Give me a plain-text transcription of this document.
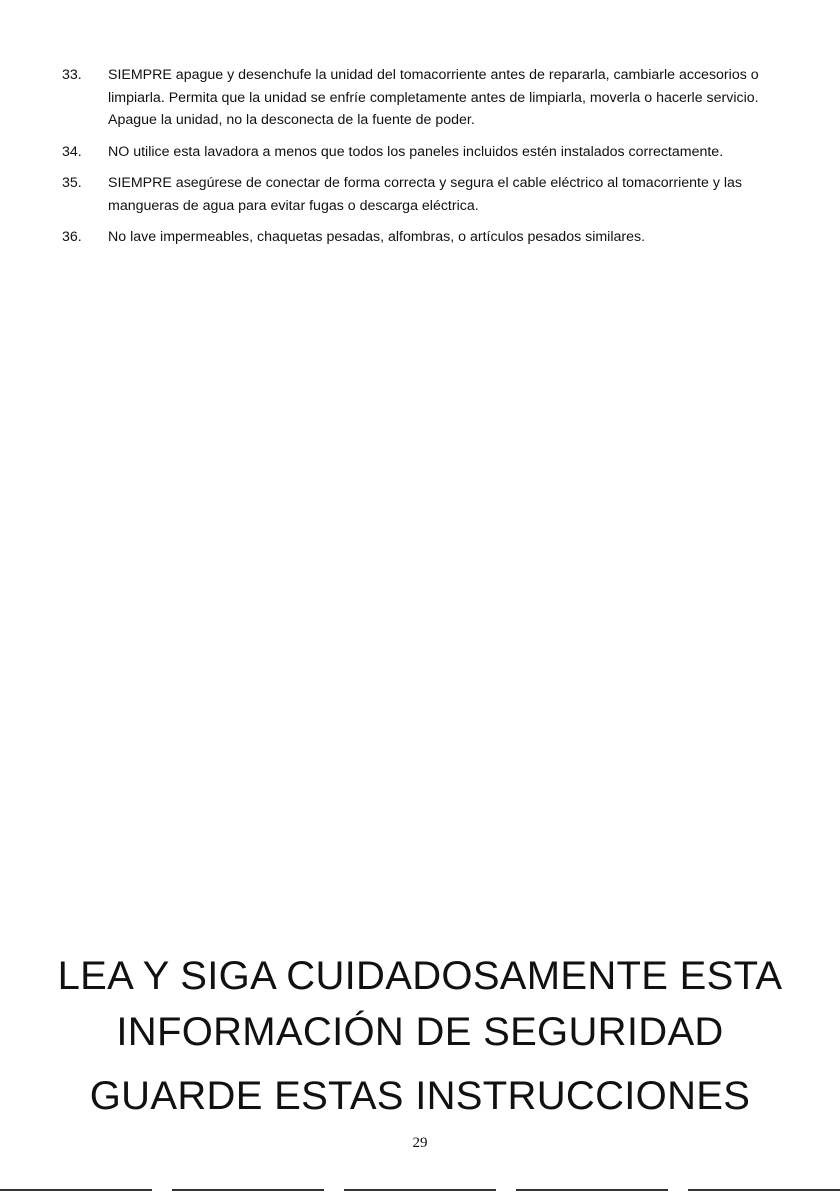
33.	SIEMPRE apague y desenchufe la unidad del tomacorriente antes de repararla, cambiarle accesorios o limpiarla. Permita que la unidad se enfríe completamente antes de limpiarla, moverla o hacerle servicio. Apague la unidad, no la desconecta de la fuente de poder.
34.	NO utilice esta lavadora a menos que todos los paneles incluidos estén instalados correctamente.
35.	SIEMPRE asegúrese de conectar de forma correcta y segura el cable eléctrico al tomacorriente y las mangueras de agua para evitar fugas o descarga eléctrica.
36.	No lave impermeables, chaquetas pesadas, alfombras, o artículos pesados similares.

LEA Y SIGA CUIDADOSAMENTE ESTA

INFORMACIÓN DE SEGURIDAD

GUARDE ESTAS INSTRUCCIONES

29
